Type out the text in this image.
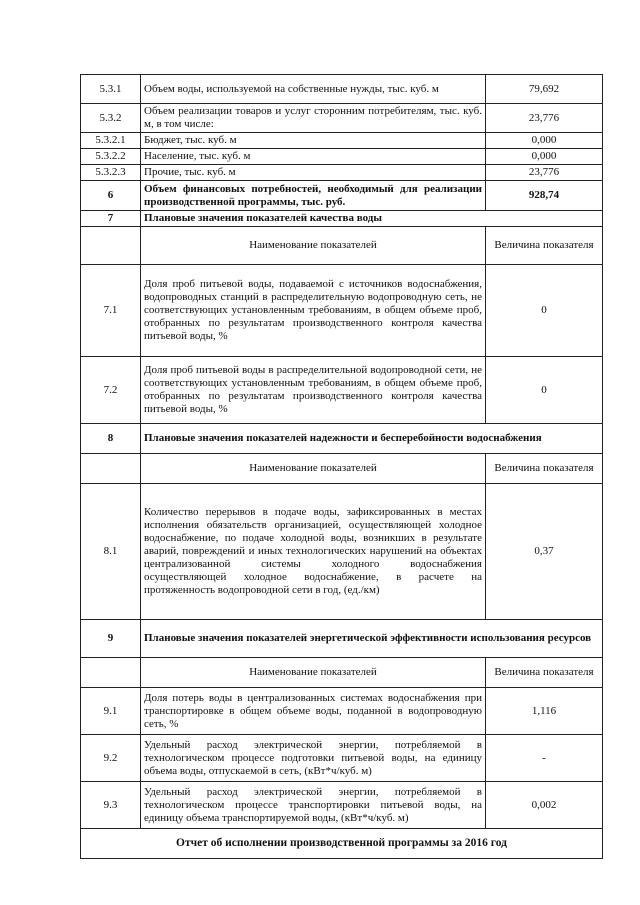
5.3.1	Объем воды, используемой на собственные нужды, тыс. куб. м	79,692
5.3.2	Объем реализации товаров и услуг сторонним потребителям, тыс. куб. м, в том числе:	23,776
5.3.2.1	Бюджет, тыс. куб. м	0,000
5.3.2.2	Население, тыс. куб. м	0,000
5.3.2.3	Прочие, тыс. куб. м	23,776
6	Объем финансовых потребностей, необходимый для реализации производственной программы, тыс. руб.	928,74
7	Плановые значения показателей качества воды	
	Наименование показателей	Величина показателя
7.1	Доля проб питьевой воды, подаваемой с источников водоснабжения, водопроводных станций в распределительную водопроводную сеть, не соответствующих установленным требованиям, в общем объеме проб, отобранных по результатам производственного контроля качества питьевой воды, %	0
7.2	Доля проб питьевой воды в распределительной водопроводной сети, не соответствующих установленным требованиям, в общем объеме проб, отобранных по результатам производственного контроля качества питьевой воды, %	0
8	Плановые значения показателей надежности и бесперебойности водоснабжения	
	Наименование показателей	Величина показателя
8.1	Количество перерывов в подаче воды, зафиксированных в местах исполнения обязательств организацией, осуществляющей холодное водоснабжение, по подаче холодной воды, возникших в результате аварий, повреждений и иных технологических нарушений на объектах централизованной системы холодного водоснабжения осуществляющей холодное водоснабжение, в расчете на протяженность водопроводной сети в год, (ед./км)	0,37
9	Плановые значения показателей энергетической эффективности использования ресурсов	
	Наименование показателей	Величина показателя
9.1	Доля потерь воды в централизованных системах водоснабжения при транспортировке в общем объеме воды, поданной в водопроводную сеть, %	1,116
9.2	Удельный расход электрической энергии, потребляемой в технологическом процессе подготовки питьевой воды, на единицу объема воды, отпускаемой в сеть, (кВт*ч/куб. м)	-
9.3	Удельный расход электрической энергии, потребляемой в технологическом процессе транспортировки питьевой воды, на единицу объема транспортируемой воды, (кВт*ч/куб. м)	0,002
Отчет об исполнении производственной программы за 2016 год		
